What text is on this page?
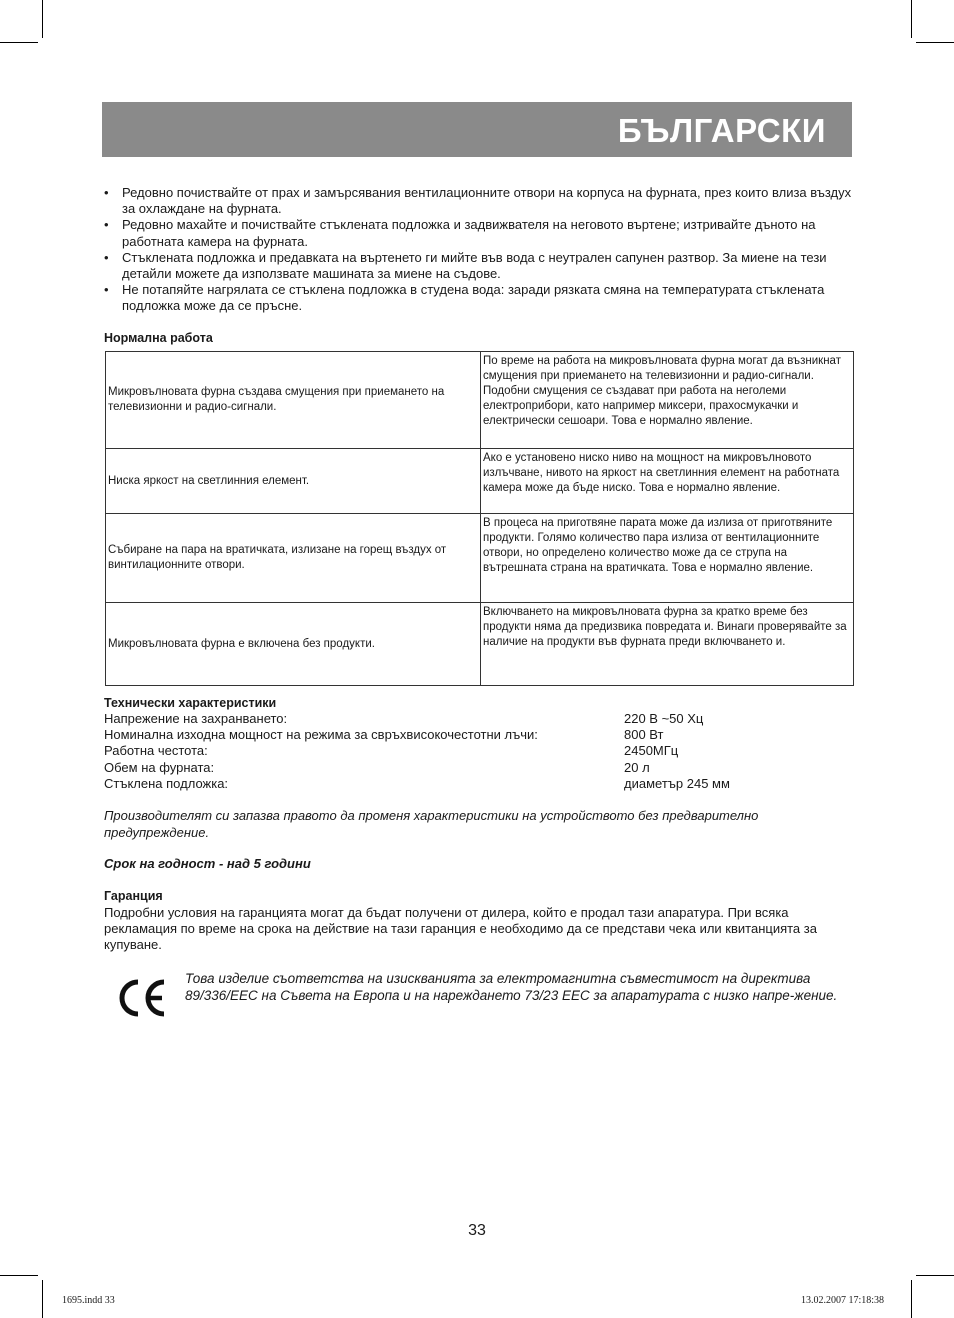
БЪЛГАРСКИ
• Редовно почиствайте от прах и замърсявания вентилационните отвори на корпуса на фурната, през които влиза въздух за охлаждане на фурната.
• Редовно махайте и почиствайте стъклената подложка и задвижвателя на неговото въртене; изтривайте дъното на работната камера на фурната.
• Стъклената подложка и предавката на въртенето ги мийте във вода с неутрален сапунен разтвор. За миене на тези детайли можете да използвате машината за миене на съдове.
• Не потапяйте нагрялата се стъклена подложка в студена вода: заради рязката смяна на температурата стъклената подложка може да се пръсне.
Нормална работа
Микровълновата фурна създава смущения при приемането на телевизионни и радио-сигнали.	По време на работа на микровълновата фурна могат да възникнат смущения при приемането на телевизионни и радио-сигнали. Подобни смущения се създават при работа на неголеми електроприбори, като например миксери, прахосмукачки и електрически сешоари. Това е нормално явление.
Ниска яркост на светлинния елемент.	Ако е установено ниско ниво на мощност на микровълновото излъчване, нивото на яркост на светлинния елемент на работната камера може да бъде ниско. Това е нормално явление.
Събиране на пара на вратичката, излизане на горещ въздух от винтилационните отвори.	В процеса на приготвяне парата може да излиза от приготвяните продукти. Голямо количество пара излиза от вентилационните отвори, но определено количество може да се струпа на вътрешната страна на вратичката. Това е нормално явление.
Микровълновата фурна е включена без продукти.	Включването на микровълновата фурна за кратко време без продукти няма да предизвика повредата и. Винаги проверявайте за наличие на продукти във фурната преди включването и.
Технически характеристики
Напрежение на захранването:	220 В ~50 Хц
Номинална изходна мощност на режима за свръхвисокочестотни лъчи:	800 Вт
Работна честота:	2450МГц
Обем на фурната:	20 л
Стъклена подложка:	диаметър 245 мм
Производителят си запазва правото да променя характеристики на устройството без предварително предупреждение.
Срок на годност - над 5 години
Гаранция
Подробни условия на гаранцията могат да бъдат получени от дилера, който е продал тази апаратура. При всяка рекламация по време на срока на действие на тази гаранция е необходимо да се представи чека или квитанцията за купуване.
Това изделие съответства на изискванията за електромагнитна съвместимост на директива 89/336/EEC на Съвета на Европа и на нареждането 73/23 EEC за апаратурата с низко напре-жение.
33
1695.indd 33	13.02.2007 17:18:38
